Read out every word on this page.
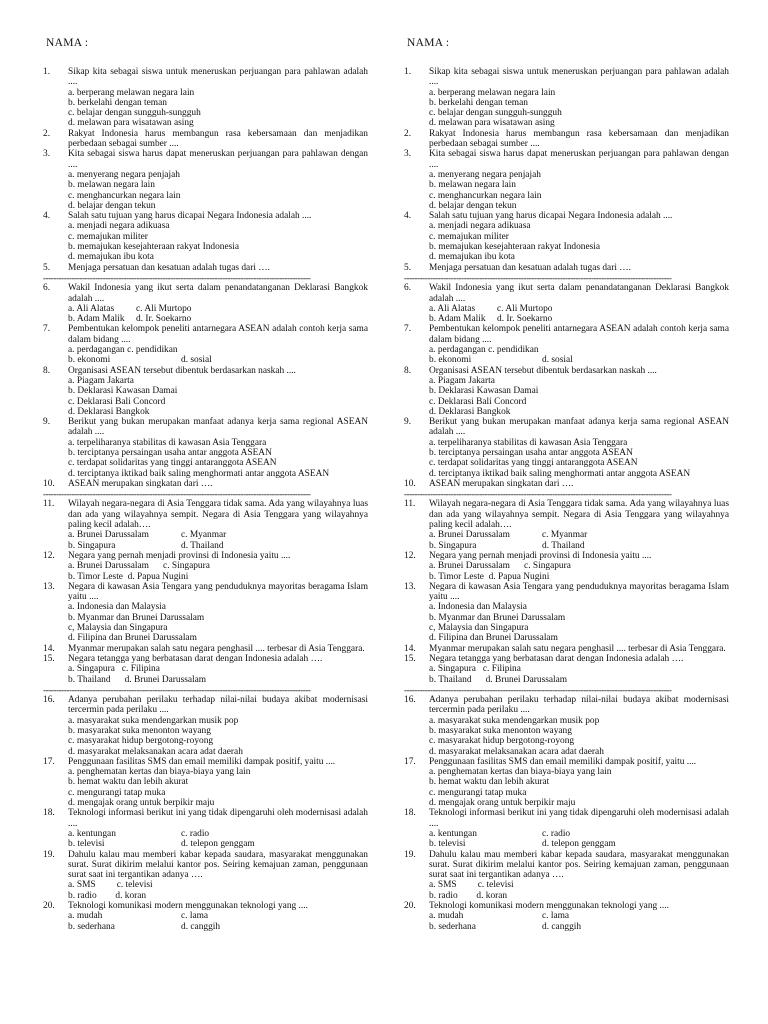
NAMA :
1.	Sikap kita sebagai siswa untuk meneruskan perjuangan para pahlawan adalah ....
a. berperang melawan negara lain
b. berkelahi dengan teman
c. belajar dengan sungguh-sungguh
d. melawan para wisatawan asing
2.	Rakyat Indonesia harus membangun rasa kebersamaan dan menjadikan perbedaan sebagai sumber ....
3.	Kita sebagai siswa harus dapat meneruskan perjuangan para pahlawan dengan ....
a. menyerang negara penjajah
b. melawan negara lain
c. menghancurkan negara lain
d. belajar dengan tekun
4.	Salah satu tujuan yang harus dicapai Negara Indonesia adalah ....
a. menjadi negara adikuasa
c. memajukan militer
b. memajukan kesejahteraan rakyat Indonesia
d. memajukan ibu kota
5.	Menjaga persatuan dan kesatuan adalah tugas dari ….
-------------------------------------------------------------------------------------------------------
6.	Wakil Indonesia yang ikut serta dalam penandatanganan Deklarasi Bangkok adalah ....
a. Ali Alatas	c. Ali Murtopo
b. Adam Malik	d. Ir. Soekarno
7.	Pembentukan kelompok peneliti antarnegara ASEAN adalah contoh kerja sama dalam bidang ....
a. perdagangan c. pendidikan
b. ekonomi	d. sosial
8.	Organisasi ASEAN tersebut dibentuk berdasarkan naskah ....
a. Piagam Jakarta
b. Deklarasi Kawasan Damai
c. Deklarasi Bali Concord
d. Deklarasi Bangkok
9.	Berikut yang bukan merupakan manfaat adanya kerja sama regional ASEAN adalah ....
a. terpeliharanya stabilitas di kawasan Asia Tenggara
b. terciptanya persaingan usaha antar anggota ASEAN
c. terdapat solidaritas yang tinggi antaranggota ASEAN
d. terciptanya iktikad baik saling menghormati antar anggota ASEAN
10.	ASEAN merupakan singkatan dari ….
-------------------------------------------------------------------------------------------------------
11.	Wilayah negara-negara di Asia Tenggara tidak sama. Ada yang wilayahnya luas dan ada yang wilayahnya sempit. Negara di Asia Tenggara yang wilayahnya paling kecil adalah….
a. Brunei Darussalam	c. Myanmar
b. Singapura	d. Thailand
12.	Negara yang pernah menjadi provinsi di Indonesia yaitu ....
a. Brunei Darussalam      c. Singapura
b. Timor Leste  d. Papua Nugini
13.	Negara di kawasan Asia Tengara yang penduduknya mayoritas beragama Islam yaitu ....
a. Indonesia dan Malaysia
b. Myanmar dan Brunei Darussalam
c, Malaysia dan Singapura
d. Filipina dan Brunei Darussalam
14.	Myanmar merupakan salah satu negara penghasil .... terbesar di Asia Tenggara.
15.	Negara tetangga yang berbatasan darat dengan Indonesia adalah ….
a. Singapura   c. Filipina
b. Thailand      d. Brunei Darussalam
-------------------------------------------------------------------------------------------------------
16.	Adanya perubahan perilaku terhadap nilai-nilai budaya akibat modernisasi tercermin pada perilaku ....
a. masyarakat suka mendengarkan musik pop
b. masyarakat suka menonton wayang
c. masyarakat hidup bergotong-royong
d. masyarakat melaksanakan acara adat daerah
17.	Penggunaan fasilitas SMS dan email memiliki dampak positif, yaitu ....
a. penghematan kertas dan biaya-biaya yang lain
b. hemat waktu dan lebih akurat
c. mengurangi tatap muka
d. mengajak orang untuk berpikir maju
18.	Teknologi informasi berikut ini yang tidak dipengaruhi oleh modernisasi adalah ....
a. kentungan	c. radio
b. televisi	d. telepon genggam
19.	Dahulu kalau mau memberi kabar kepada saudara, masyarakat menggunakan surat. Surat dikirim melalui kantor pos. Seiring kemajuan zaman, penggunaan surat saat ini tergantikan adanya ….
a. SMS         c. televisi
b. radio        d. koran
20.	Teknologi komunikasi modern menggunakan teknologi yang ....
a. mudah	c. lama
b. sederhana	d. canggih
NAMA :
1.	Sikap kita sebagai siswa untuk meneruskan perjuangan para pahlawan adalah ....
a. berperang melawan negara lain
b. berkelahi dengan teman
c. belajar dengan sungguh-sungguh
d. melawan para wisatawan asing
2.	Rakyat Indonesia harus membangun rasa kebersamaan dan menjadikan perbedaan sebagai sumber ....
3.	Kita sebagai siswa harus dapat meneruskan perjuangan para pahlawan dengan ....
a. menyerang negara penjajah
b. melawan negara lain
c. menghancurkan negara lain
d. belajar dengan tekun
4.	Salah satu tujuan yang harus dicapai Negara Indonesia adalah ....
a. menjadi negara adikuasa
c. memajukan militer
b. memajukan kesejahteraan rakyat Indonesia
d. memajukan ibu kota
5.	Menjaga persatuan dan kesatuan adalah tugas dari ….
-------------------------------------------------------------------------------------------------------
6.	Wakil Indonesia yang ikut serta dalam penandatanganan Deklarasi Bangkok adalah ....
a. Ali Alatas	c. Ali Murtopo
b. Adam Malik	d. Ir. Soekarno
7.	Pembentukan kelompok peneliti antarnegara ASEAN adalah contoh kerja sama dalam bidang ....
a. perdagangan c. pendidikan
b. ekonomi	d. sosial
8.	Organisasi ASEAN tersebut dibentuk berdasarkan naskah ....
a. Piagam Jakarta
b. Deklarasi Kawasan Damai
c. Deklarasi Bali Concord
d. Deklarasi Bangkok
9.	Berikut yang bukan merupakan manfaat adanya kerja sama regional ASEAN adalah ....
a. terpeliharanya stabilitas di kawasan Asia Tenggara
b. terciptanya persaingan usaha antar anggota ASEAN
c. terdapat solidaritas yang tinggi antaranggota ASEAN
d. terciptanya iktikad baik saling menghormati antar anggota ASEAN
10.	ASEAN merupakan singkatan dari ….
-------------------------------------------------------------------------------------------------------
11.	Wilayah negara-negara di Asia Tenggara tidak sama. Ada yang wilayahnya luas dan ada yang wilayahnya sempit. Negara di Asia Tenggara yang wilayahnya paling kecil adalah….
a. Brunei Darussalam	c. Myanmar
b. Singapura	d. Thailand
12.	Negara yang pernah menjadi provinsi di Indonesia yaitu ....
a. Brunei Darussalam      c. Singapura
b. Timor Leste  d. Papua Nugini
13.	Negara di kawasan Asia Tengara yang penduduknya mayoritas beragama Islam yaitu ....
a. Indonesia dan Malaysia
b. Myanmar dan Brunei Darussalam
c, Malaysia dan Singapura
d. Filipina dan Brunei Darussalam
14.	Myanmar merupakan salah satu negara penghasil .... terbesar di Asia Tenggara.
15.	Negara tetangga yang berbatasan darat dengan Indonesia adalah ….
a. Singapura   c. Filipina
b. Thailand      d. Brunei Darussalam
-------------------------------------------------------------------------------------------------------
16.	Adanya perubahan perilaku terhadap nilai-nilai budaya akibat modernisasi tercermin pada perilaku ....
a. masyarakat suka mendengarkan musik pop
b. masyarakat suka menonton wayang
c. masyarakat hidup bergotong-royong
d. masyarakat melaksanakan acara adat daerah
17.	Penggunaan fasilitas SMS dan email memiliki dampak positif, yaitu ....
a. penghematan kertas dan biaya-biaya yang lain
b. hemat waktu dan lebih akurat
c. mengurangi tatap muka
d. mengajak orang untuk berpikir maju
18.	Teknologi informasi berikut ini yang tidak dipengaruhi oleh modernisasi adalah ....
a. kentungan	c. radio
b. televisi	d. telepon genggam
19.	Dahulu kalau mau memberi kabar kepada saudara, masyarakat menggunakan surat. Surat dikirim melalui kantor pos. Seiring kemajuan zaman, penggunaan surat saat ini tergantikan adanya ….
a. SMS         c. televisi
b. radio        d. koran
20.	Teknologi komunikasi modern menggunakan teknologi yang ....
a. mudah	c. lama
b. sederhana	d. canggih
